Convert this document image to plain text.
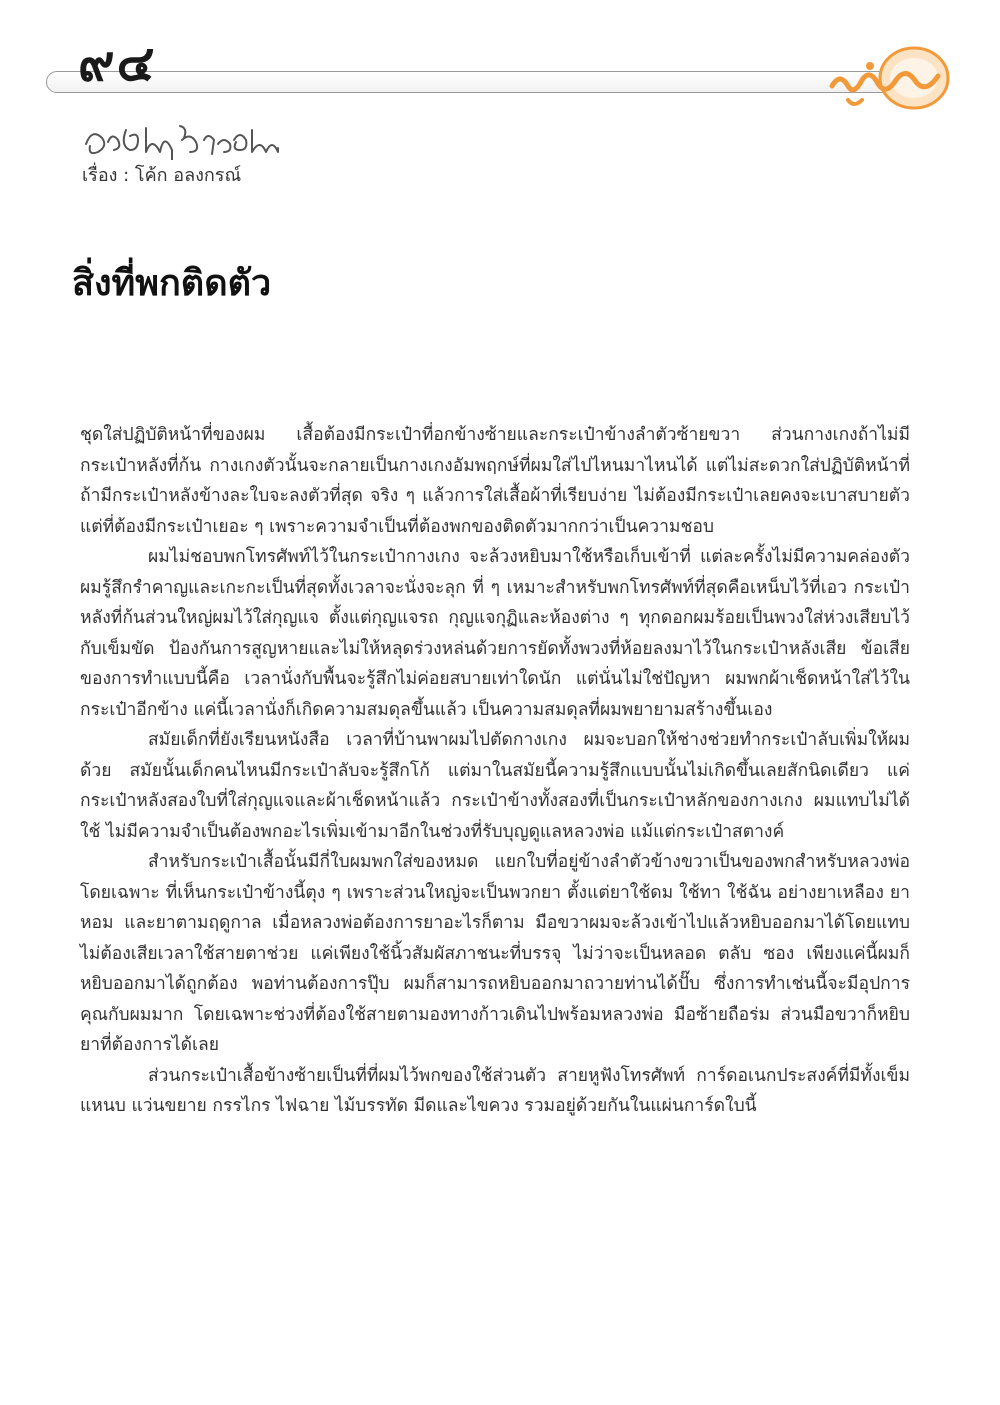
๙๔
เรื่อง : โค้ก อลงกรณ์
สิ่งที่พกติดตัว

ชุดใส่ปฏิบัติหน้าที่ของผม เสื้อต้องมีกระเป๋าที่อกข้างซ้ายและกระเป๋าข้างลำตัวซ้ายขวา ส่วนกางเกงถ้าไม่มีกระเป๋าหลังที่ก้น กางเกงตัวนั้นจะกลายเป็นกางเกงอัมพฤกษ์ที่ผมใส่ไปไหนมาไหนได้ แต่ไม่สะดวกใส่ปฏิบัติหน้าที่ ถ้ามีกระเป๋าหลังข้างละใบจะลงตัวที่สุด จริง ๆ แล้วการใส่เสื้อผ้าที่เรียบง่าย ไม่ต้องมีกระเป๋าเลยคงจะเบาสบายตัว แต่ที่ต้องมีกระเป๋าเยอะ ๆ เพราะความจำเป็นที่ต้องพกของติดตัวมากกว่าเป็นความชอบ

ผมไม่ชอบพกโทรศัพท์ไว้ในกระเป๋ากางเกง จะล้วงหยิบมาใช้หรือเก็บเข้าที่ แต่ละครั้งไม่มีความคล่องตัว ผมรู้สึกรำคาญและเกะกะเป็นที่สุดทั้งเวลาจะนั่งจะลุก ที่ ๆ เหมาะสำหรับพกโทรศัพท์ที่สุดคือเหน็บไว้ที่เอว กระเป๋าหลังที่ก้นส่วนใหญ่ผมไว้ใส่กุญแจ ตั้งแต่กุญแจรถ กุญแจกุฏิและห้องต่าง ๆ ทุกดอกผมร้อยเป็นพวงใส่ห่วงเสียบไว้กับเข็มขัด ป้องกันการสูญหายและไม่ให้หลุดร่วงหล่นด้วยการยัดทั้งพวงที่ห้อยลงมาไว้ในกระเป๋าหลังเสีย ข้อเสียของการทำแบบนี้คือ เวลานั่งกับพื้นจะรู้สึกไม่ค่อยสบายเท่าใดนัก แต่นั่นไม่ใช่ปัญหา ผมพกผ้าเช็ดหน้าใส่ไว้ในกระเป๋าอีกข้าง แค่นี้เวลานั่งก็เกิดความสมดุลขึ้นแล้ว เป็นความสมดุลที่ผมพยายามสร้างขึ้นเอง

สมัยเด็กที่ยังเรียนหนังสือ เวลาที่บ้านพาผมไปตัดกางเกง ผมจะบอกให้ช่างช่วยทำกระเป๋าลับเพิ่มให้ผมด้วย สมัยนั้นเด็กคนไหนมีกระเป๋าลับจะรู้สึกโก้ แต่มาในสมัยนี้ความรู้สึกแบบนั้นไม่เกิดขึ้นเลยสักนิดเดียว แค่กระเป๋าหลังสองใบที่ใส่กุญแจและผ้าเช็ดหน้าแล้ว กระเป๋าข้างทั้งสองที่เป็นกระเป๋าหลักของกางเกง ผมแทบไม่ได้ใช้ ไม่มีความจำเป็นต้องพกอะไรเพิ่มเข้ามาอีกในช่วงที่รับบุญดูแลหลวงพ่อ แม้แต่กระเป๋าสตางค์

สำหรับกระเป๋าเสื้อนั้นมีกี่ใบผมพกใส่ของหมด แยกใบที่อยู่ข้างลำตัวข้างขวาเป็นของพกสำหรับหลวงพ่อโดยเฉพาะ ที่เห็นกระเป๋าข้างนี้ตุง ๆ เพราะส่วนใหญ่จะเป็นพวกยา ตั้งแต่ยาใช้ดม ใช้ทา ใช้ฉัน อย่างยาเหลือง ยาหอม และยาตามฤดูกาล เมื่อหลวงพ่อต้องการยาอะไรก็ตาม มือขวาผมจะล้วงเข้าไปแล้วหยิบออกมาได้โดยแทบไม่ต้องเสียเวลาใช้สายตาช่วย แค่เพียงใช้นิ้วสัมผัสภาชนะที่บรรจุ ไม่ว่าจะเป็นหลอด ตลับ ซอง เพียงแค่นี้ผมก็หยิบออกมาได้ถูกต้อง พอท่านต้องการปุ๊บ ผมก็สามารถหยิบออกมาถวายท่านได้ปั๊บ ซึ่งการทำเช่นนี้จะมีอุปการคุณกับผมมาก โดยเฉพาะช่วงที่ต้องใช้สายตามองทางก้าวเดินไปพร้อมหลวงพ่อ มือซ้ายถือร่ม ส่วนมือขวาก็หยิบยาที่ต้องการได้เลย

ส่วนกระเป๋าเสื้อข้างซ้ายเป็นที่ที่ผมไว้พกของใช้ส่วนตัว สายหูฟังโทรศัพท์ การ์ดอเนกประสงค์ที่มีทั้งเข็ม แหนบ แว่นขยาย กรรไกร ไฟฉาย ไม้บรรทัด มีดและไขควง รวมอยู่ด้วยกันในแผ่นการ์ดใบนี้
